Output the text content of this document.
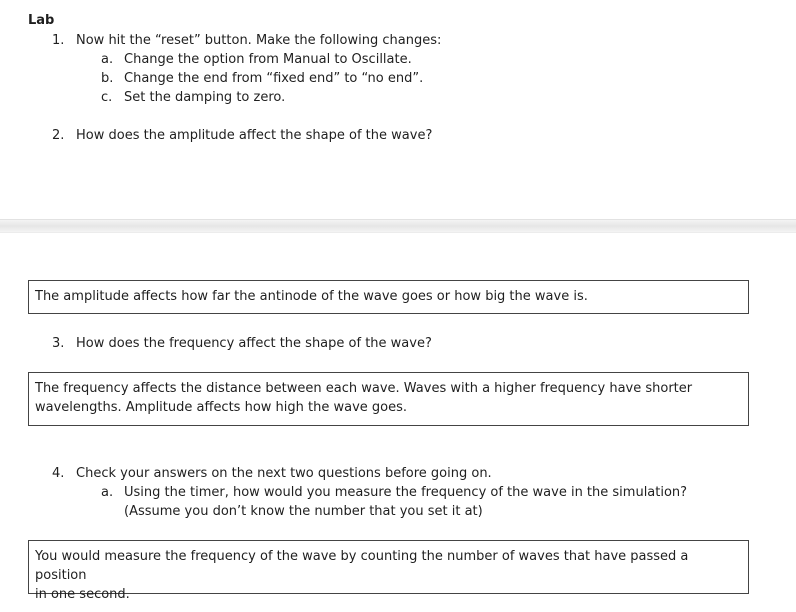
Lab
1. Now hit the “reset” button. Make the following changes:
a. Change the option from Manual to Oscillate.
b. Change the end from “fixed end” to “no end”.
c. Set the damping to zero.
2. How does the amplitude affect the shape of the wave?
The amplitude affects how far the antinode of the wave goes or how big the wave is.
3. How does the frequency affect the shape of the wave?
The frequency affects the distance between each wave. Waves with a higher frequency have shorter
wavelengths. Amplitude affects how high the wave goes.
4. Check your answers on the next two questions before going on.
a. Using the timer, how would you measure the frequency of the wave in the simulation?
(Assume you don’t know the number that you set it at)
You would measure the frequency of the wave by counting the number of waves that have passed a position
in one second.
